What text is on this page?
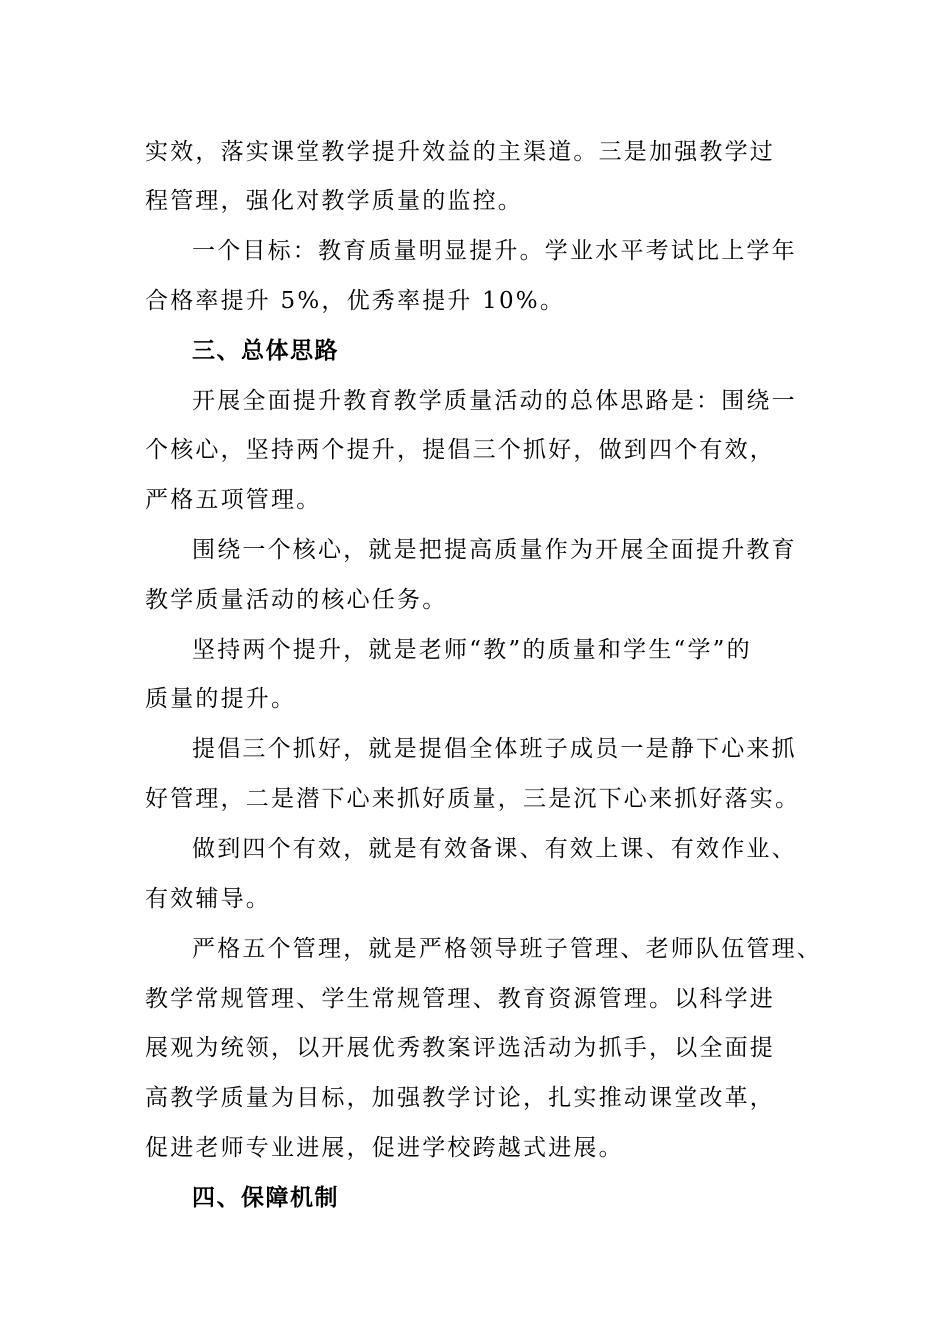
实效，落实课堂教学提升效益的主渠道。三是加强教学过
程管理，强化对教学质量的监控。
一个目标：教育质量明显提升。学业水平考试比上学年
合格率提升 5%，优秀率提升 10%。
三、总体思路
开展全面提升教育教学质量活动的总体思路是：围绕一
个核心，坚持两个提升，提倡三个抓好，做到四个有效，
严格五项管理。
围绕一个核心，就是把提高质量作为开展全面提升教育
教学质量活动的核心任务。
坚持两个提升，就是老师“教”的质量和学生“学”的
质量的提升。
提倡三个抓好，就是提倡全体班子成员一是静下心来抓
好管理，二是潜下心来抓好质量，三是沉下心来抓好落实。
做到四个有效，就是有效备课、有效上课、有效作业、
有效辅导。
严格五个管理，就是严格领导班子管理、老师队伍管理、
教学常规管理、学生常规管理、教育资源管理。以科学进
展观为统领，以开展优秀教案评选活动为抓手，以全面提
高教学质量为目标，加强教学讨论，扎实推动课堂改革，
促进老师专业进展，促进学校跨越式进展。
四、保障机制
